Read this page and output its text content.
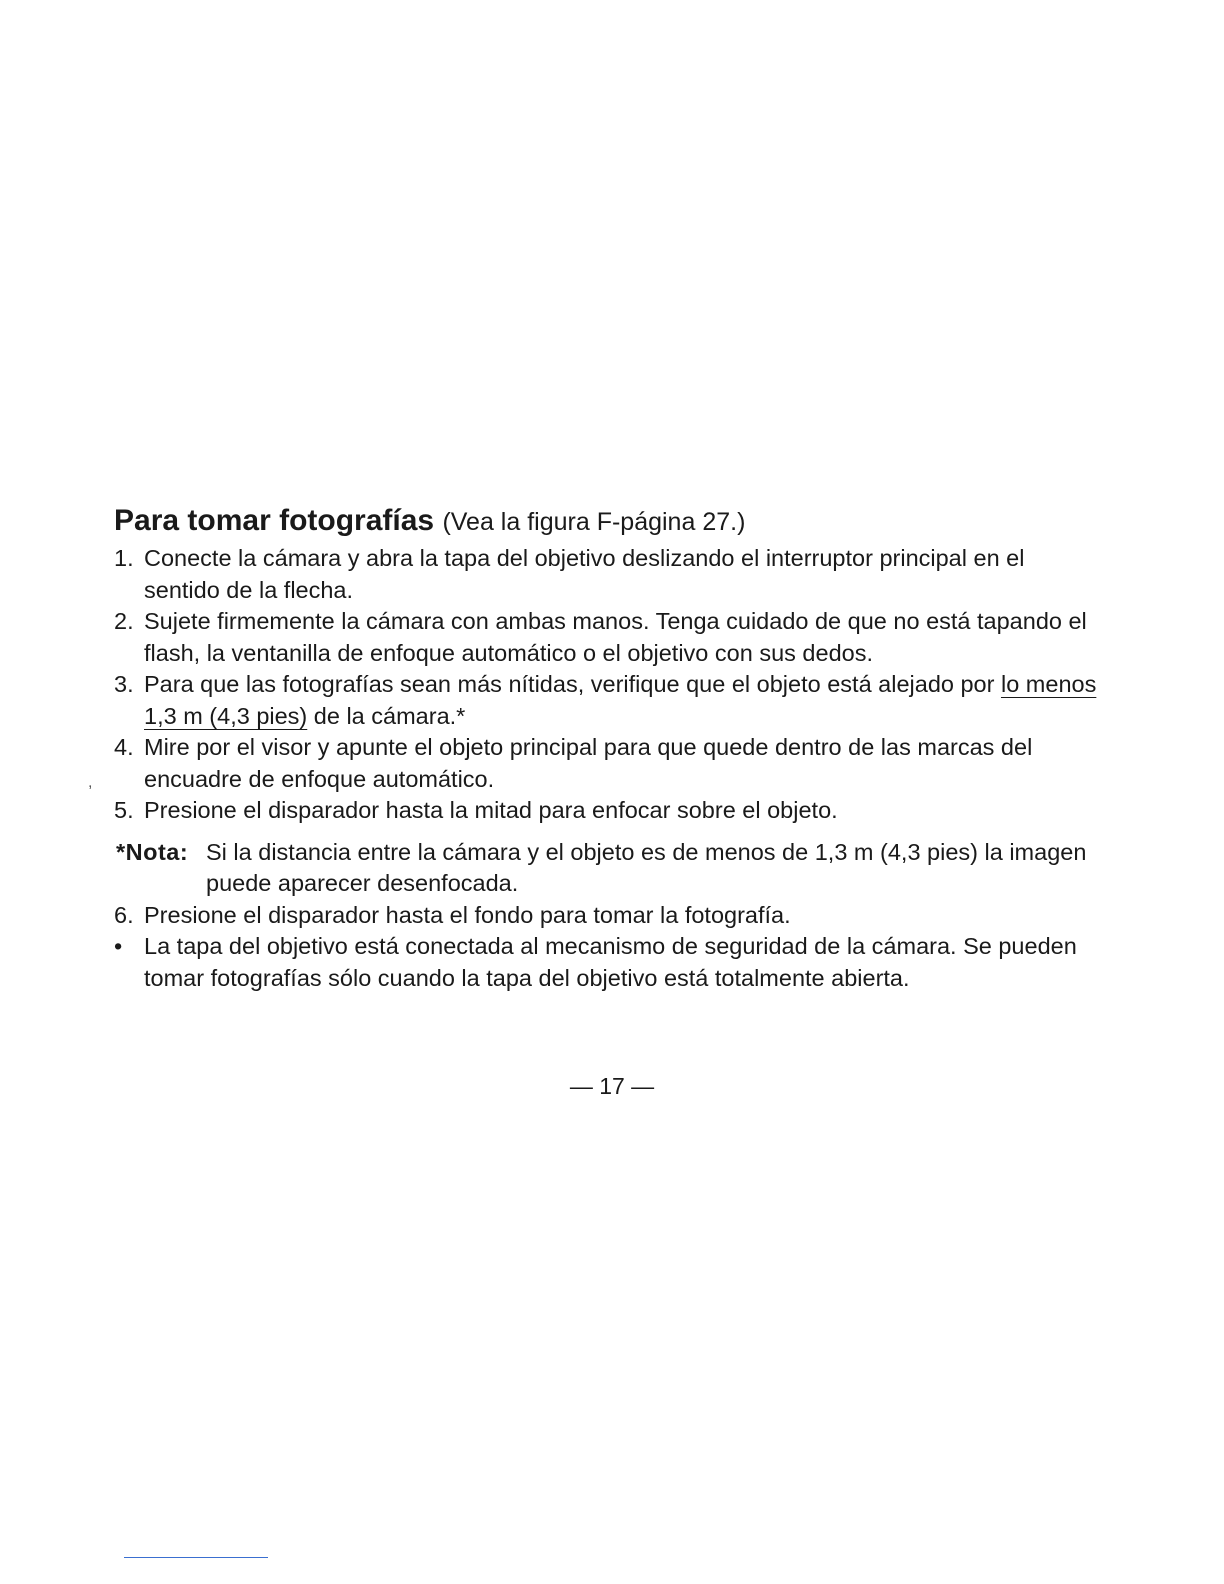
Para tomar fotografías (Vea la figura F-página 27.)
1. Conecte la cámara y abra la tapa del objetivo deslizando el interruptor principal en el sentido de la flecha.
2. Sujete firmemente la cámara con ambas manos. Tenga cuidado de que no está tapando el flash, la ventanilla de enfoque automático o el objetivo con sus dedos.
3. Para que las fotografías sean más nítidas, verifique que el objeto está alejado por lo menos 1,3 m (4,3 pies) de la cámara.*
4. Mire por el visor y apunte el objeto principal para que quede dentro de las marcas del encuadre de enfoque automático.
5. Presione el disparador hasta la mitad para enfocar sobre el objeto.
*Nota: Si la distancia entre la cámara y el objeto es de menos de 1,3 m (4,3 pies) la imagen puede aparecer desenfocada.
6. Presione el disparador hasta el fondo para tomar la fotografía.
• La tapa del objetivo está conectada al mecanismo de seguridad de la cámara. Se pueden tomar fotografías sólo cuando la tapa del objetivo está totalmente abierta.
,
— 17 —
